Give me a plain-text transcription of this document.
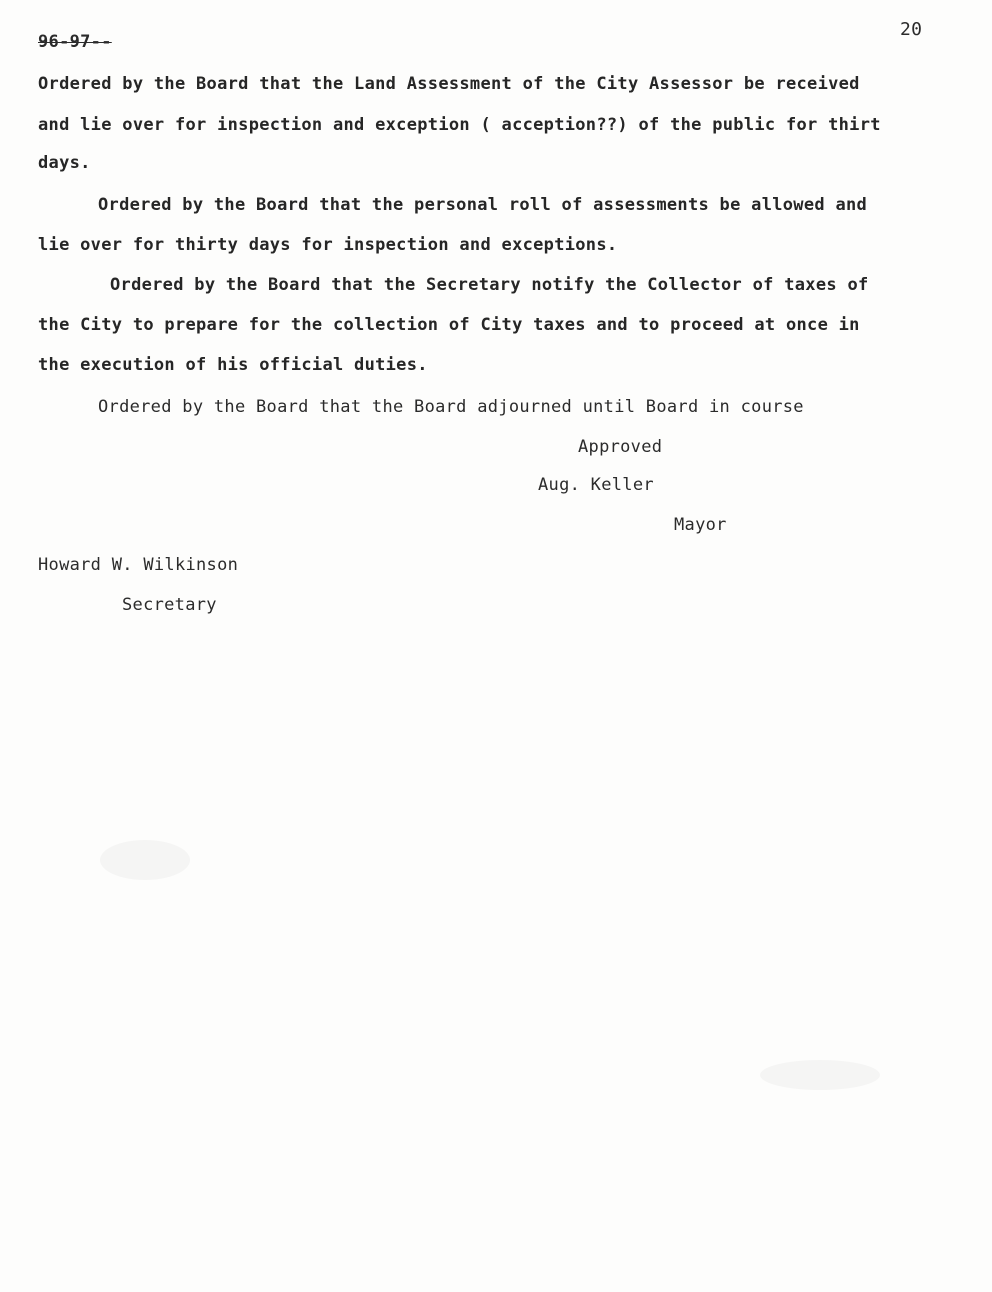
96-97--
20
Ordered by the Board that the Land Assessment of the City Assessor be received
and lie over for inspection and exception ( acception??) of the public for thirt
days.
Ordered by the Board that the personal roll of assessments be allowed and
lie over for thirty days for inspection and exceptions.
Ordered by the Board that the Secretary notify the Collector of taxes of
the City to prepare for the collection of City taxes and to proceed at once in
the execution of his official duties.
Ordered by the Board that the Board adjourned until Board in course
Approved
Aug. Keller
Mayor
Howard W. Wilkinson
Secretary
